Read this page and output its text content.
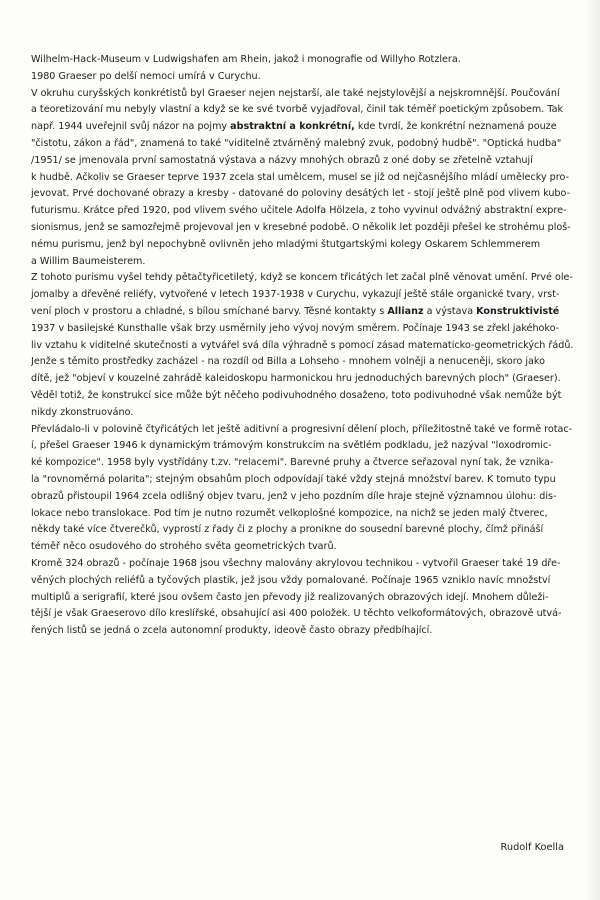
Wilhelm-Hack-Museum v Ludwigshafen am Rhein, jakož i monografie od Willyho Rotzlera.
1980 Graeser po delší nemoci umírá v Curychu.
V okruhu curyšských konkrétistů byl Graeser nejen nejstarší, ale také nejstylovější a nejskromnější. Poučování
a teoretizování mu nebyly vlastní a když se ke své tvorbě vyjadřoval, činil tak téměř poetickým způsobem. Tak
např. 1944 uveřejnil svůj názor na pojmy abstraktní a konkrétní, kde tvrdí, že konkrétní neznamená pouze
"čistotu, zákon a řád", znamená to také "viditelně ztvárněný malebný zvuk, podobný hudbě". "Optická hudba"
/1951/ se jmenovala první samostatná výstava a názvy mnohých obrazů z oné doby se zřetelně vztahují
k hudbě. Ačkoliv se Graeser teprve 1937 zcela stal umělcem, musel se již od nejčasnějšího mládí umělecky pro-
jevovat. Prvé dochované obrazy a kresby - datované do poloviny desátých let - stojí ještě plně pod vlivem kubo-
futurismu. Krátce před 1920, pod vlivem svého učitele Adolfa Hölzela, z toho vyvinul odvážný abstraktní expre-
sionismus, jenž se samozřejmě projevoval jen v kresebné podobě. O několik let později přešel ke strohému ploš-
nému purismu, jenž byl nepochybně ovlivněn jeho mladými štutgartskými kolegy Oskarem Schlemmerem
a Willim Baumeisterem.
Z tohoto purismu vyšel tehdy pětačtyřicetiletý, když se koncem třicátých let začal plně věnovat umění. Prvé ole-
jomalby a dřevěné reliéfy, vytvořené v letech 1937-1938 v Curychu, vykazují ještě stále organické tvary, vrst-
vení ploch v prostoru a chladné, s bílou smíchané barvy. Těsné kontakty s Allianz a výstava Konstruktivisté
1937 v basilejské Kunsthalle však brzy usměrnily jeho vývoj novým směrem. Počínaje 1943 se zřekl jakéhoko-
liv vztahu k viditelné skutečnosti a vytvářel svá díla výhradně s pomocí zásad matematicko-geometrických řádů.
Jenže s těmito prostředky zacházel - na rozdíl od Billa a Lohseho - mnohem volněji a nenuceněji, skoro jako
dítě, jež "objeví v kouzelné zahrádě kaleidoskopu harmonickou hru jednoduchých barevných ploch" (Graeser).
Věděl totiž, že konstrukcí sice může být něčeho podivuhodného dosaženo, toto podivuhodné však nemůže být
nikdy zkonstruováno.
Převládalo-li v polovině čtyřicátých let ještě aditivní a progresivní dělení ploch, příležitostně také ve formě rotac-
í, přešel Graeser 1946 k dynamickým trámovým konstrukcím na světlém podkladu, jež nazýval "loxodromic-
ké kompozice". 1958 byly vystřídány t.zv. "relacemi". Barevné pruhy a čtverce seřazoval nyní tak, že vznika-
la "rovnoměrná polarita"; stejným obsahům ploch odpovídají také vždy stejná množství barev. K tomuto typu
obrazů přistoupil 1964 zcela odlišný objev tvaru, jenž v jeho pozdním díle hraje stejně významnou úlohu: dis-
lokace nebo translokace. Pod tím je nutno rozumět velkoplošné kompozice, na nichž se jeden malý čtverec,
někdy také více čtverečků, vyprostí z řady či z plochy a pronikne do sousední barevné plochy, čímž přináší
téměř něco osudového do strohého světa geometrických tvarů.
Kromě 324 obrazů - počínaje 1968 jsou všechny malovány akrylovou technikou - vytvořil Graeser také 19 dře-
věných plochých reliéfů a tyčových plastik, jež jsou vždy pomalované. Počínaje 1965 vzniklo navíc množství
multiplů a serigrafií, které jsou ovšem často jen převody již realizovaných obrazových idejí. Mnohem důleži-
tější je však Graeserovo dílo kreslířské, obsahující asi 400 položek. U těchto velkoformátových, obrazově utvá-
řených listů se jedná o zcela autonomní produkty, ideově často obrazy předbíhající.
Rudolf Koella
